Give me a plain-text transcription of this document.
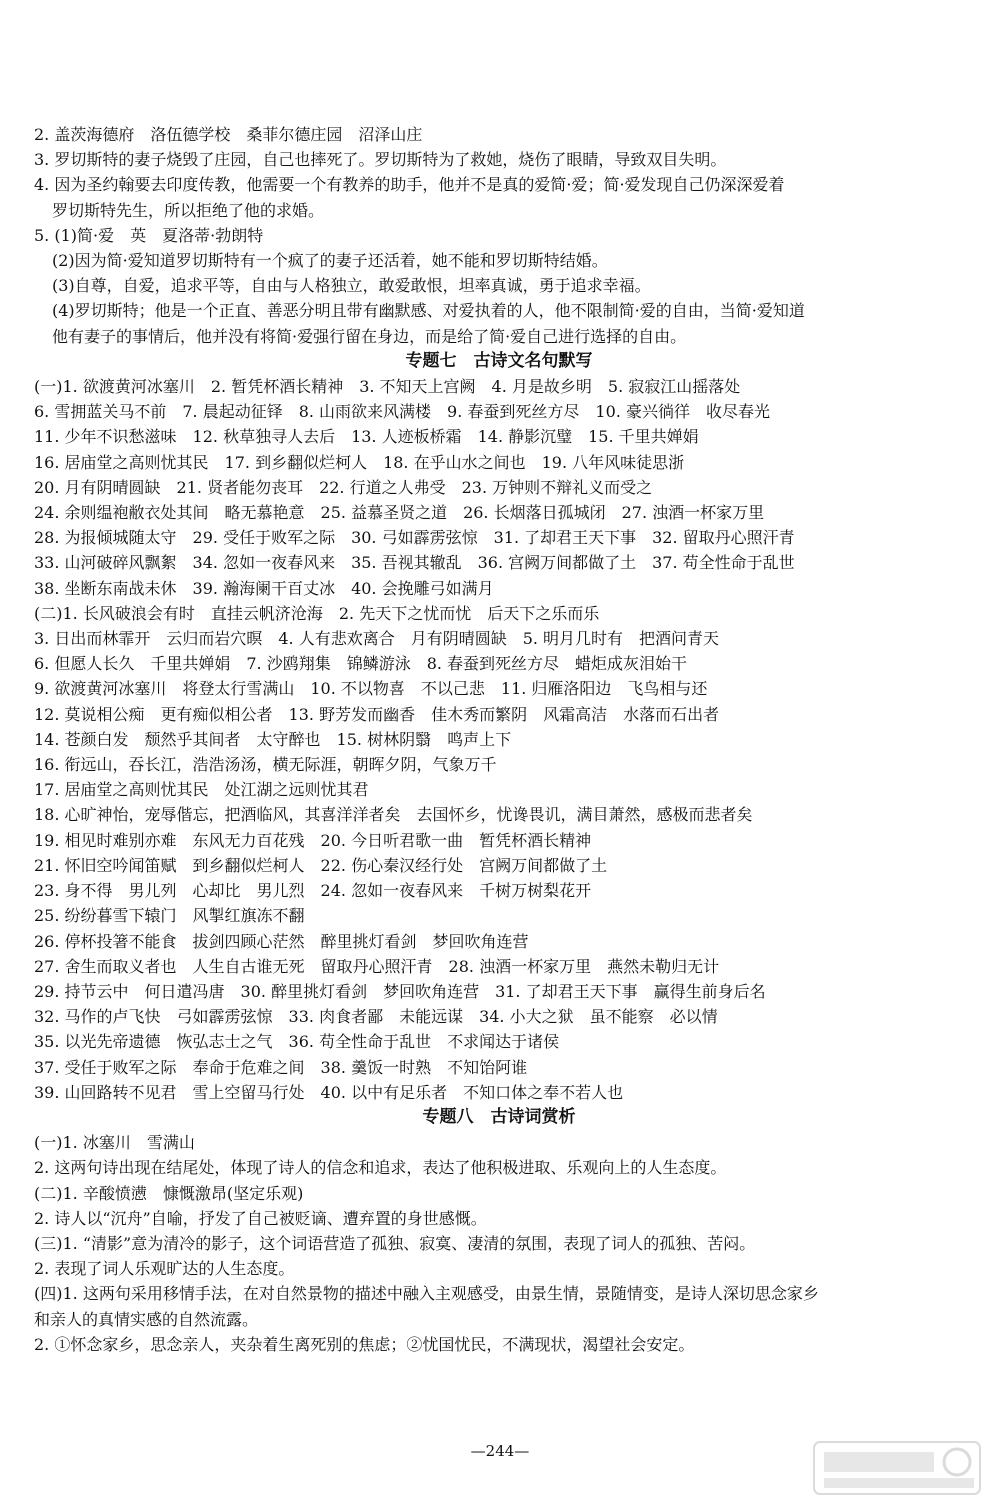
2. 盖茨海德府　洛伍德学校　桑菲尔德庄园　沼泽山庄
3. 罗切斯特的妻子烧毁了庄园，自己也摔死了。罗切斯特为了救她，烧伤了眼睛，导致双目失明。
4. 因为圣约翰要去印度传教，他需要一个有教养的助手，他并不是真的爱简·爱；简·爱发现自己仍深深爱着
罗切斯特先生，所以拒绝了他的求婚。
5. (1)简·爱　英　夏洛蒂·勃朗特
(2)因为简·爱知道罗切斯特有一个疯了的妻子还活着，她不能和罗切斯特结婚。
(3)自尊，自爱，追求平等，自由与人格独立，敢爱敢恨，坦率真诚，勇于追求幸福。
(4)罗切斯特；他是一个正直、善恶分明且带有幽默感、对爱执着的人，他不限制简·爱的自由，当简·爱知道
他有妻子的事情后，他并没有将简·爱强行留在身边，而是给了简·爱自己进行选择的自由。
专题七　古诗文名句默写
(一)1. 欲渡黄河冰塞川　2. 暂凭杯酒长精神　3. 不知天上宫阙　4. 月是故乡明　5. 寂寂江山摇落处
6. 雪拥蓝关马不前　7. 晨起动征铎　8. 山雨欲来风满楼　9. 春蚕到死丝方尽　10. 豪兴徜徉　收尽春光
11. 少年不识愁滋味　12. 秋草独寻人去后　13. 人迹板桥霜　14. 静影沉璧　15. 千里共婵娟
16. 居庙堂之高则忧其民　17. 到乡翻似烂柯人　18. 在乎山水之间也　19. 八年风味徒思浙
20. 月有阴晴圆缺　21. 贤者能勿丧耳　22. 行道之人弗受　23. 万钟则不辩礼义而受之
24. 余则缊袍敝衣处其间　略无慕艳意　25. 益慕圣贤之道　26. 长烟落日孤城闭　27. 浊酒一杯家万里
28. 为报倾城随太守　29. 受任于败军之际　30. 弓如霹雳弦惊　31. 了却君王天下事　32. 留取丹心照汗青
33. 山河破碎风飘絮　34. 忽如一夜春风来　35. 吾视其辙乱　36. 宫阙万间都做了土　37. 苟全性命于乱世
38. 坐断东南战未休　39. 瀚海阑干百丈冰　40. 会挽雕弓如满月
(二)1. 长风破浪会有时　直挂云帆济沧海　2. 先天下之忧而忧　后天下之乐而乐
3. 日出而林霏开　云归而岩穴暝　4. 人有悲欢离合　月有阴晴圆缺　5. 明月几时有　把酒问青天
6. 但愿人长久　千里共婵娟　7. 沙鸥翔集　锦鳞游泳　8. 春蚕到死丝方尽　蜡炬成灰泪始干
9. 欲渡黄河冰塞川　将登太行雪满山　10. 不以物喜　不以己悲　11. 归雁洛阳边　飞鸟相与还
12. 莫说相公痴　更有痴似相公者　13. 野芳发而幽香　佳木秀而繁阴　风霜高洁　水落而石出者
14. 苍颜白发　颓然乎其间者　太守醉也　15. 树林阴翳　鸣声上下
16. 衔远山，吞长江，浩浩汤汤，横无际涯，朝晖夕阴，气象万千
17. 居庙堂之高则忧其民　处江湖之远则忧其君
18. 心旷神怡，宠辱偕忘，把酒临风，其喜洋洋者矣　去国怀乡，忧谗畏讥，满目萧然，感极而悲者矣
19. 相见时难别亦难　东风无力百花残　20. 今日听君歌一曲　暂凭杯酒长精神
21. 怀旧空吟闻笛赋　到乡翻似烂柯人　22. 伤心秦汉经行处　宫阙万间都做了土
23. 身不得　男儿列　心却比　男儿烈　24. 忽如一夜春风来　千树万树梨花开
25. 纷纷暮雪下辕门　风掣红旗冻不翻
26. 停杯投箸不能食　拔剑四顾心茫然　醉里挑灯看剑　梦回吹角连营
27. 舍生而取义者也　人生自古谁无死　留取丹心照汗青　28. 浊酒一杯家万里　燕然未勒归无计
29. 持节云中　何日遣冯唐　30. 醉里挑灯看剑　梦回吹角连营　31. 了却君王天下事　赢得生前身后名
32. 马作的卢飞快　弓如霹雳弦惊　33. 肉食者鄙　未能远谋　34. 小大之狱　虽不能察　必以情
35. 以光先帝遗德　恢弘志士之气　36. 苟全性命于乱世　不求闻达于诸侯
37. 受任于败军之际　奉命于危难之间　38. 羹饭一时熟　不知饴阿谁
39. 山回路转不见君　雪上空留马行处　40. 以中有足乐者　不知口体之奉不若人也
专题八　古诗词赏析
(一)1. 冰塞川　雪满山
2. 这两句诗出现在结尾处，体现了诗人的信念和追求，表达了他积极进取、乐观向上的人生态度。
(二)1. 辛酸愤懑　慷慨激昂(坚定乐观)
2. 诗人以“沉舟”自喻，抒发了自己被贬谪、遭弃置的身世感慨。
(三)1. “清影”意为清冷的影子，这个词语营造了孤独、寂寞、凄清的氛围，表现了词人的孤独、苦闷。
2. 表现了词人乐观旷达的人生态度。
(四)1. 这两句采用移情手法，在对自然景物的描述中融入主观感受，由景生情，景随情变，是诗人深切思念家乡
和亲人的真情实感的自然流露。
2. ①怀念家乡，思念亲人，夹杂着生离死别的焦虑；②忧国忧民，不满现状，渴望社会安定。
—244—
